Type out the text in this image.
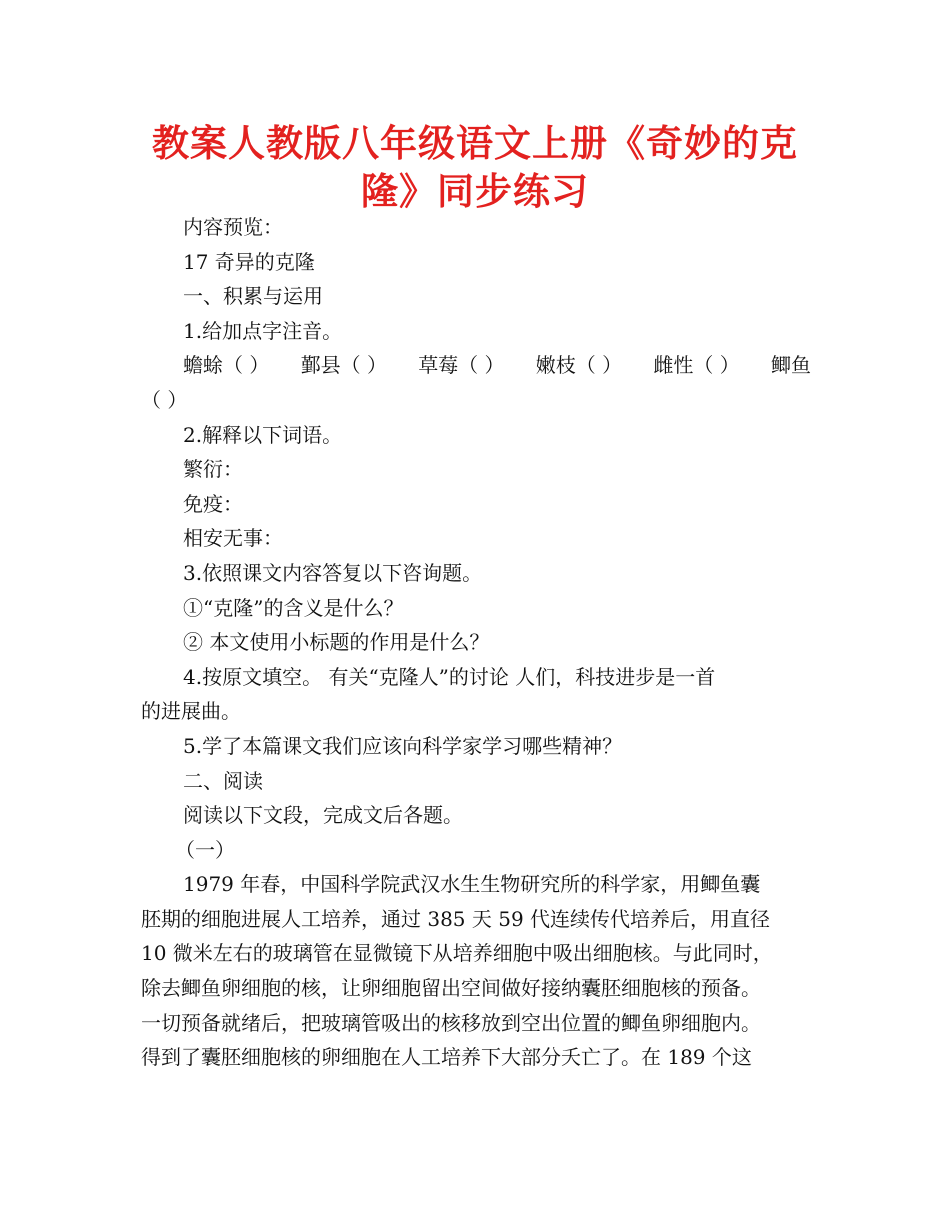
教案人教版八年级语文上册《奇妙的克
隆》同步练习
内容预览：
17 奇异的克隆
一、积累与运用
1.给加点字注音。
蟾蜍（ ） 鄞县（ ） 草莓（ ） 嫩枝（ ） 雌性（ ） 鲫鱼
（ ）
2.解释以下词语。
繁衍：
免疫：
相安无事：
3.依照课文内容答复以下咨询题。
①“克隆”的含义是什么？
② 本文使用小标题的作用是什么？
4.按原文填空。 有关“克隆人”的讨论 人们，科技进步是一首
的进展曲。
5.学了本篇课文我们应该向科学家学习哪些精神？
二、阅读
阅读以下文段，完成文后各题。
（一）
1979 年春，中国科学院武汉水生生物研究所的科学家，用鲫鱼囊
胚期的细胞进展人工培养，通过 385 天 59 代连续传代培养后，用直径
10 微米左右的玻璃管在显微镜下从培养细胞中吸出细胞核。与此同时，
除去鲫鱼卵细胞的核，让卵细胞留出空间做好接纳囊胚细胞核的预备。
一切预备就绪后，把玻璃管吸出的核移放到空出位置的鲫鱼卵细胞内。
得到了囊胚细胞核的卵细胞在人工培养下大部分夭亡了。在 189 个这
